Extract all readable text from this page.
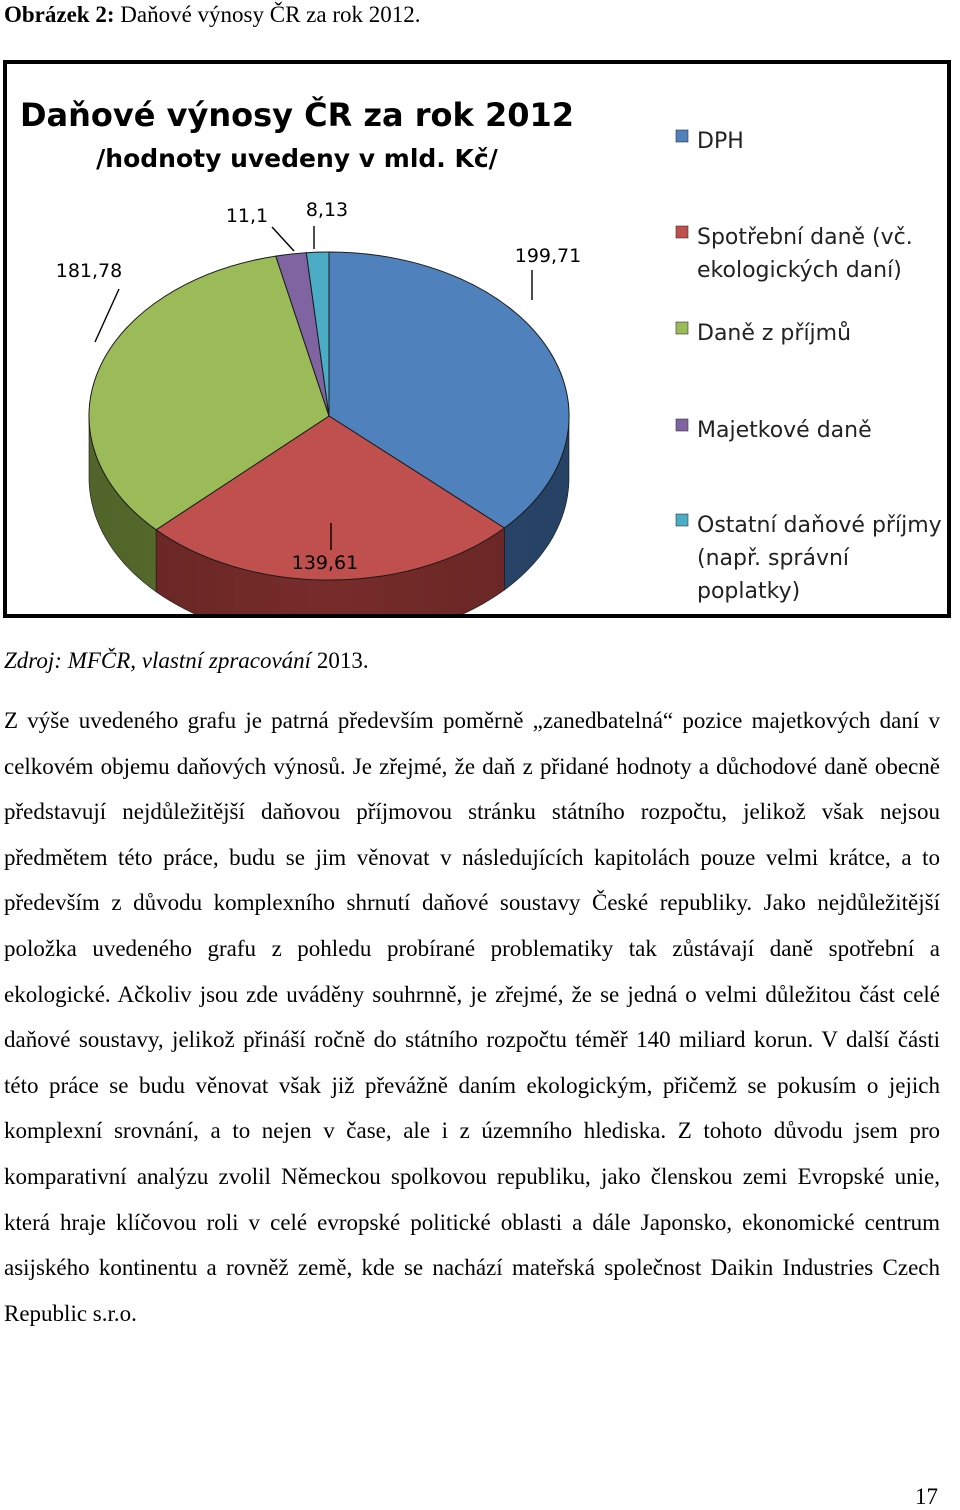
Obrázek 2: Daňové výnosy ČR za rok 2012.
199,71
139,61
181,78
11,1 8,13
Daňové výnosy ČR za rok 2012
/hodnoty uvedeny v mld. Kč/
DPH
Spotřební daně (vč.
ekologických daní)
Daně z příjmů
Majetkové daně
Ostatní daňové příjmy
(např. správní
poplatky)
Zdroj: MFČR, vlastní zpracování 2013.
Z výše uvedeného grafu je patrná především poměrně „zanedbatelná“ pozice majetkových daní v celkovém objemu daňových výnosů. Je zřejmé, že daň z přidané hodnoty a důchodové daně obecně představují nejdůležitější daňovou příjmovou stránku státního rozpočtu, jelikož však nejsou předmětem této práce, budu se jim věnovat v následujících kapitolách pouze velmi krátce, a to především z důvodu komplexního shrnutí daňové soustavy České republiky. Jako nejdůležitější položka uvedeného grafu z pohledu probírané problematiky tak zůstávají daně spotřební a ekologické. Ačkoliv jsou zde uváděny souhrnně, je zřejmé, že se jedná o velmi důležitou část celé daňové soustavy, jelikož přináší ročně do státního rozpočtu téměř 140 miliard korun. V další části této práce se budu věnovat však již převážně daním ekologickým, přičemž se pokusím o jejich komplexní srovnání, a to nejen v čase, ale i z územního hlediska. Z tohoto důvodu jsem pro komparativní analýzu zvolil Německou spolkovou republiku, jako členskou zemi Evropské unie, která hraje klíčovou roli v celé evropské politické oblasti a dále Japonsko, ekonomické centrum asijského kontinentu a rovněž země, kde se nachází mateřská společnost Daikin Industries Czech Republic s.r.o.
17
